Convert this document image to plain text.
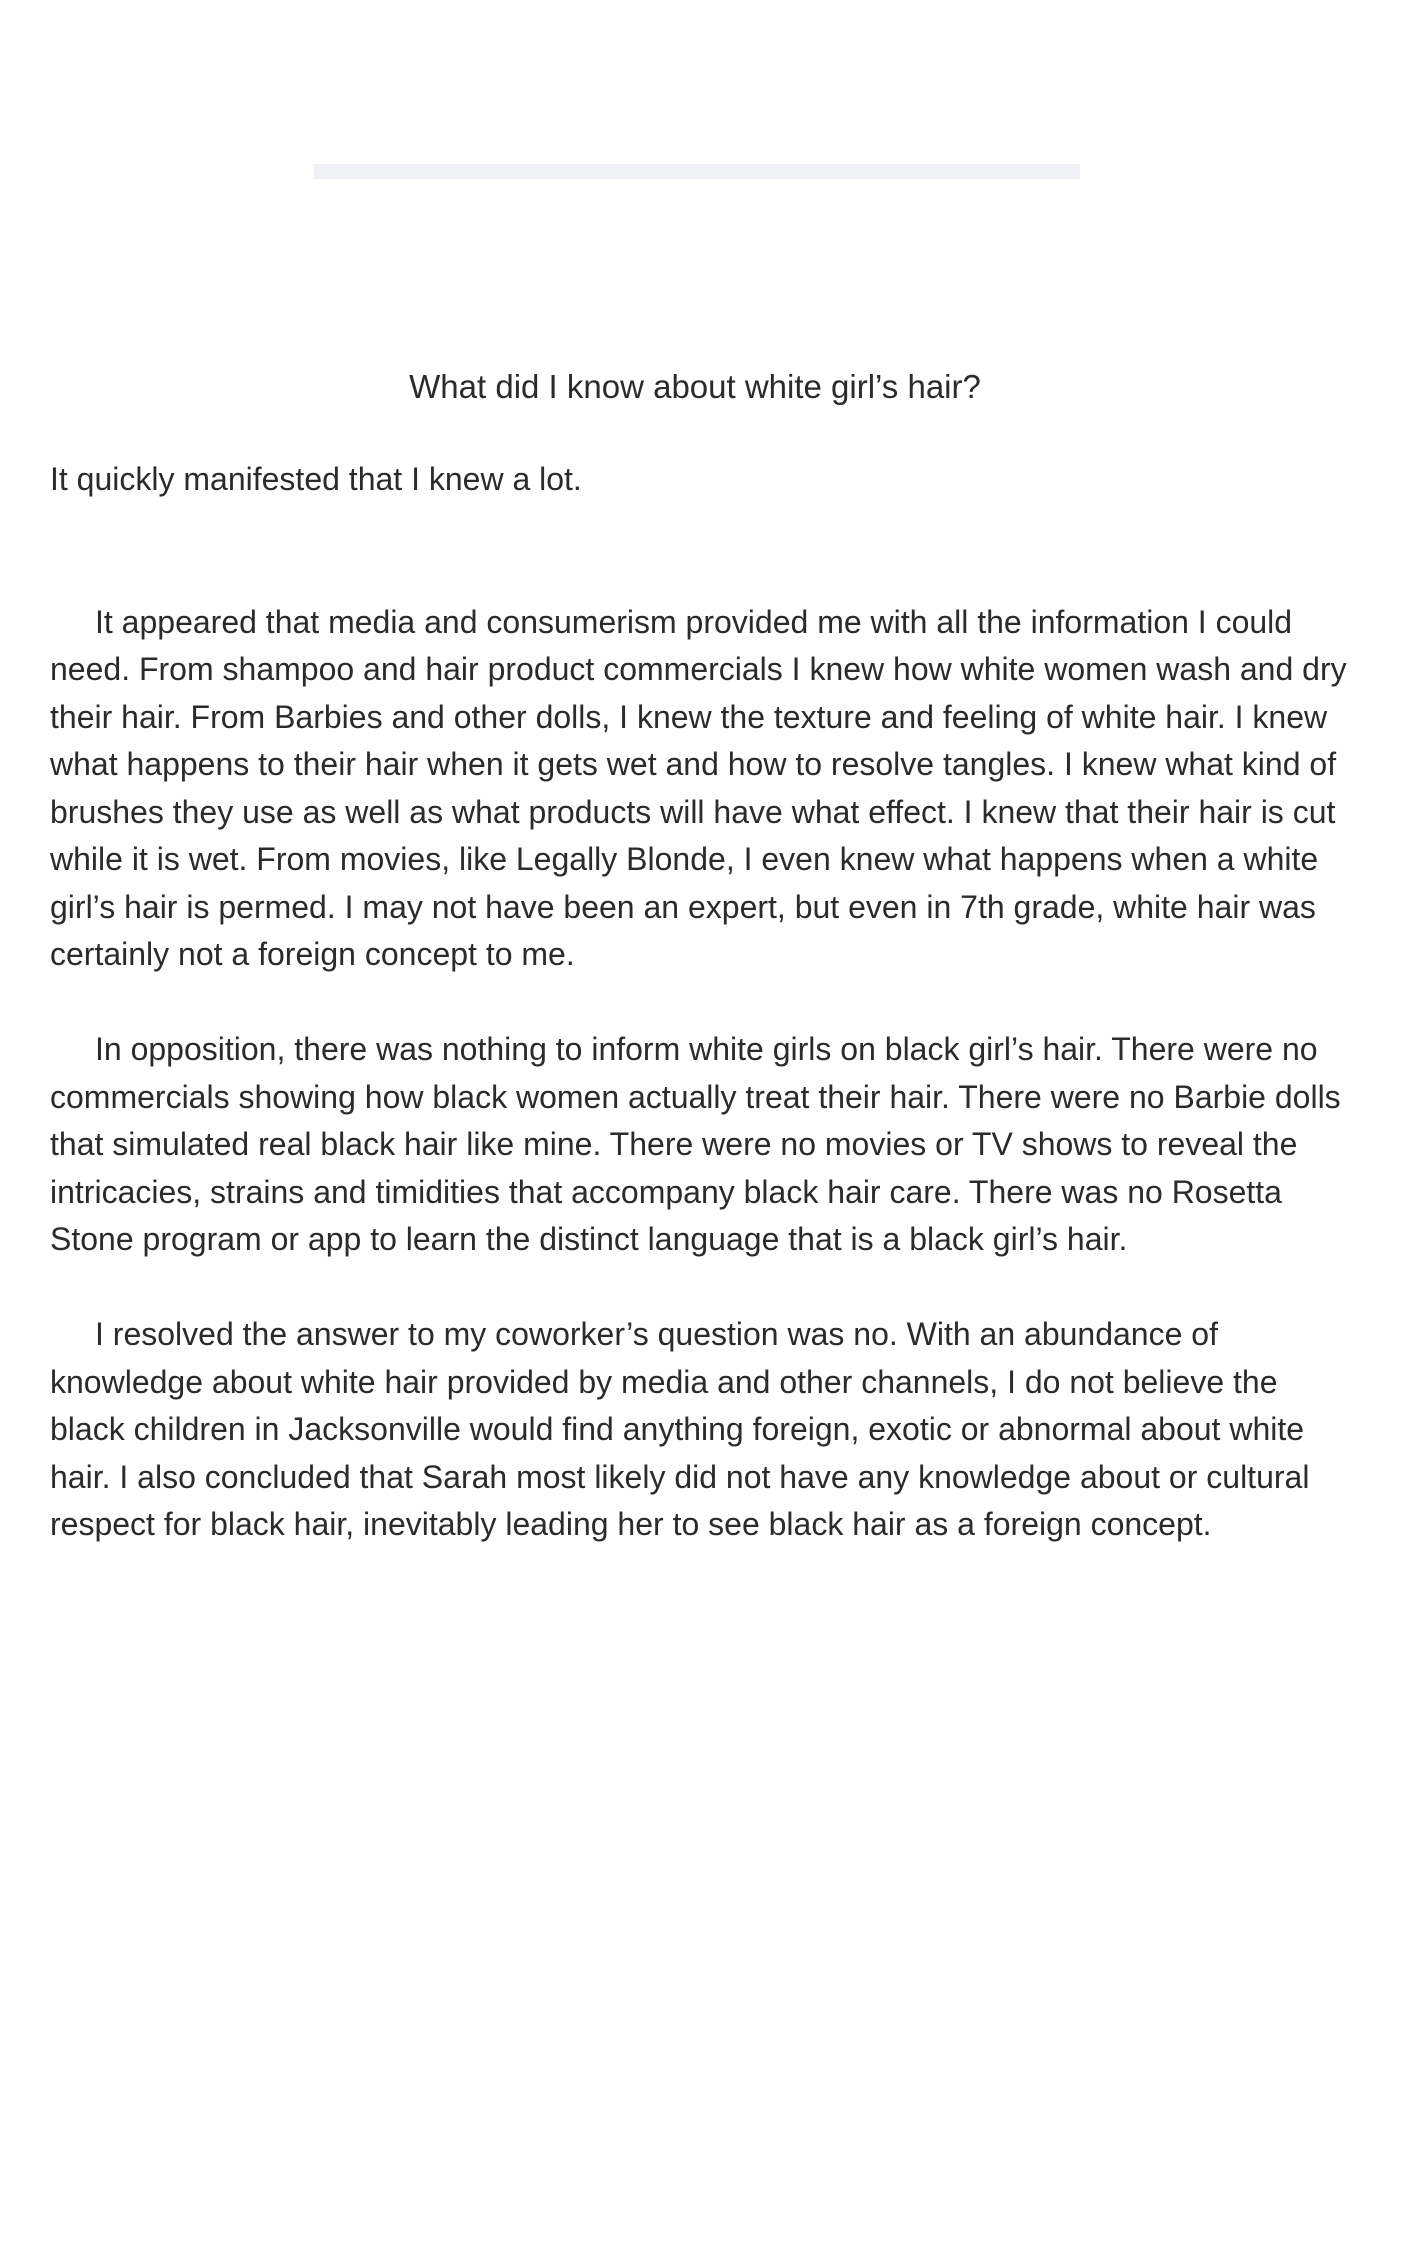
What did I know about white girl’s hair?

It quickly manifested that I knew a lot.

It appeared that media and consumerism provided me with all the information I could need. From shampoo and hair product commercials I knew how white women wash and dry their hair. From Barbies and other dolls, I knew the texture and feeling of white hair. I knew what happens to their hair when it gets wet and how to resolve tangles. I knew what kind of brushes they use as well as what products will have what effect. I knew that their hair is cut while it is wet. From movies, like Legally Blonde, I even knew what happens when a white girl’s hair is permed. I may not have been an expert, but even in 7th grade, white hair was certainly not a foreign concept to me.

In opposition, there was nothing to inform white girls on black girl’s hair. There were no commercials showing how black women actually treat their hair. There were no Barbie dolls that simulated real black hair like mine. There were no movies or TV shows to reveal the intricacies, strains and timidities that accompany black hair care. There was no Rosetta Stone program or app to learn the distinct language that is a black girl’s hair.

I resolved the answer to my coworker’s question was no. With an abundance of knowledge about white hair provided by media and other channels, I do not believe the black children in Jacksonville would find anything foreign, exotic or abnormal about white hair. I also concluded that Sarah most likely did not have any knowledge about or cultural respect for black hair, inevitably leading her to see black hair as a foreign concept.
